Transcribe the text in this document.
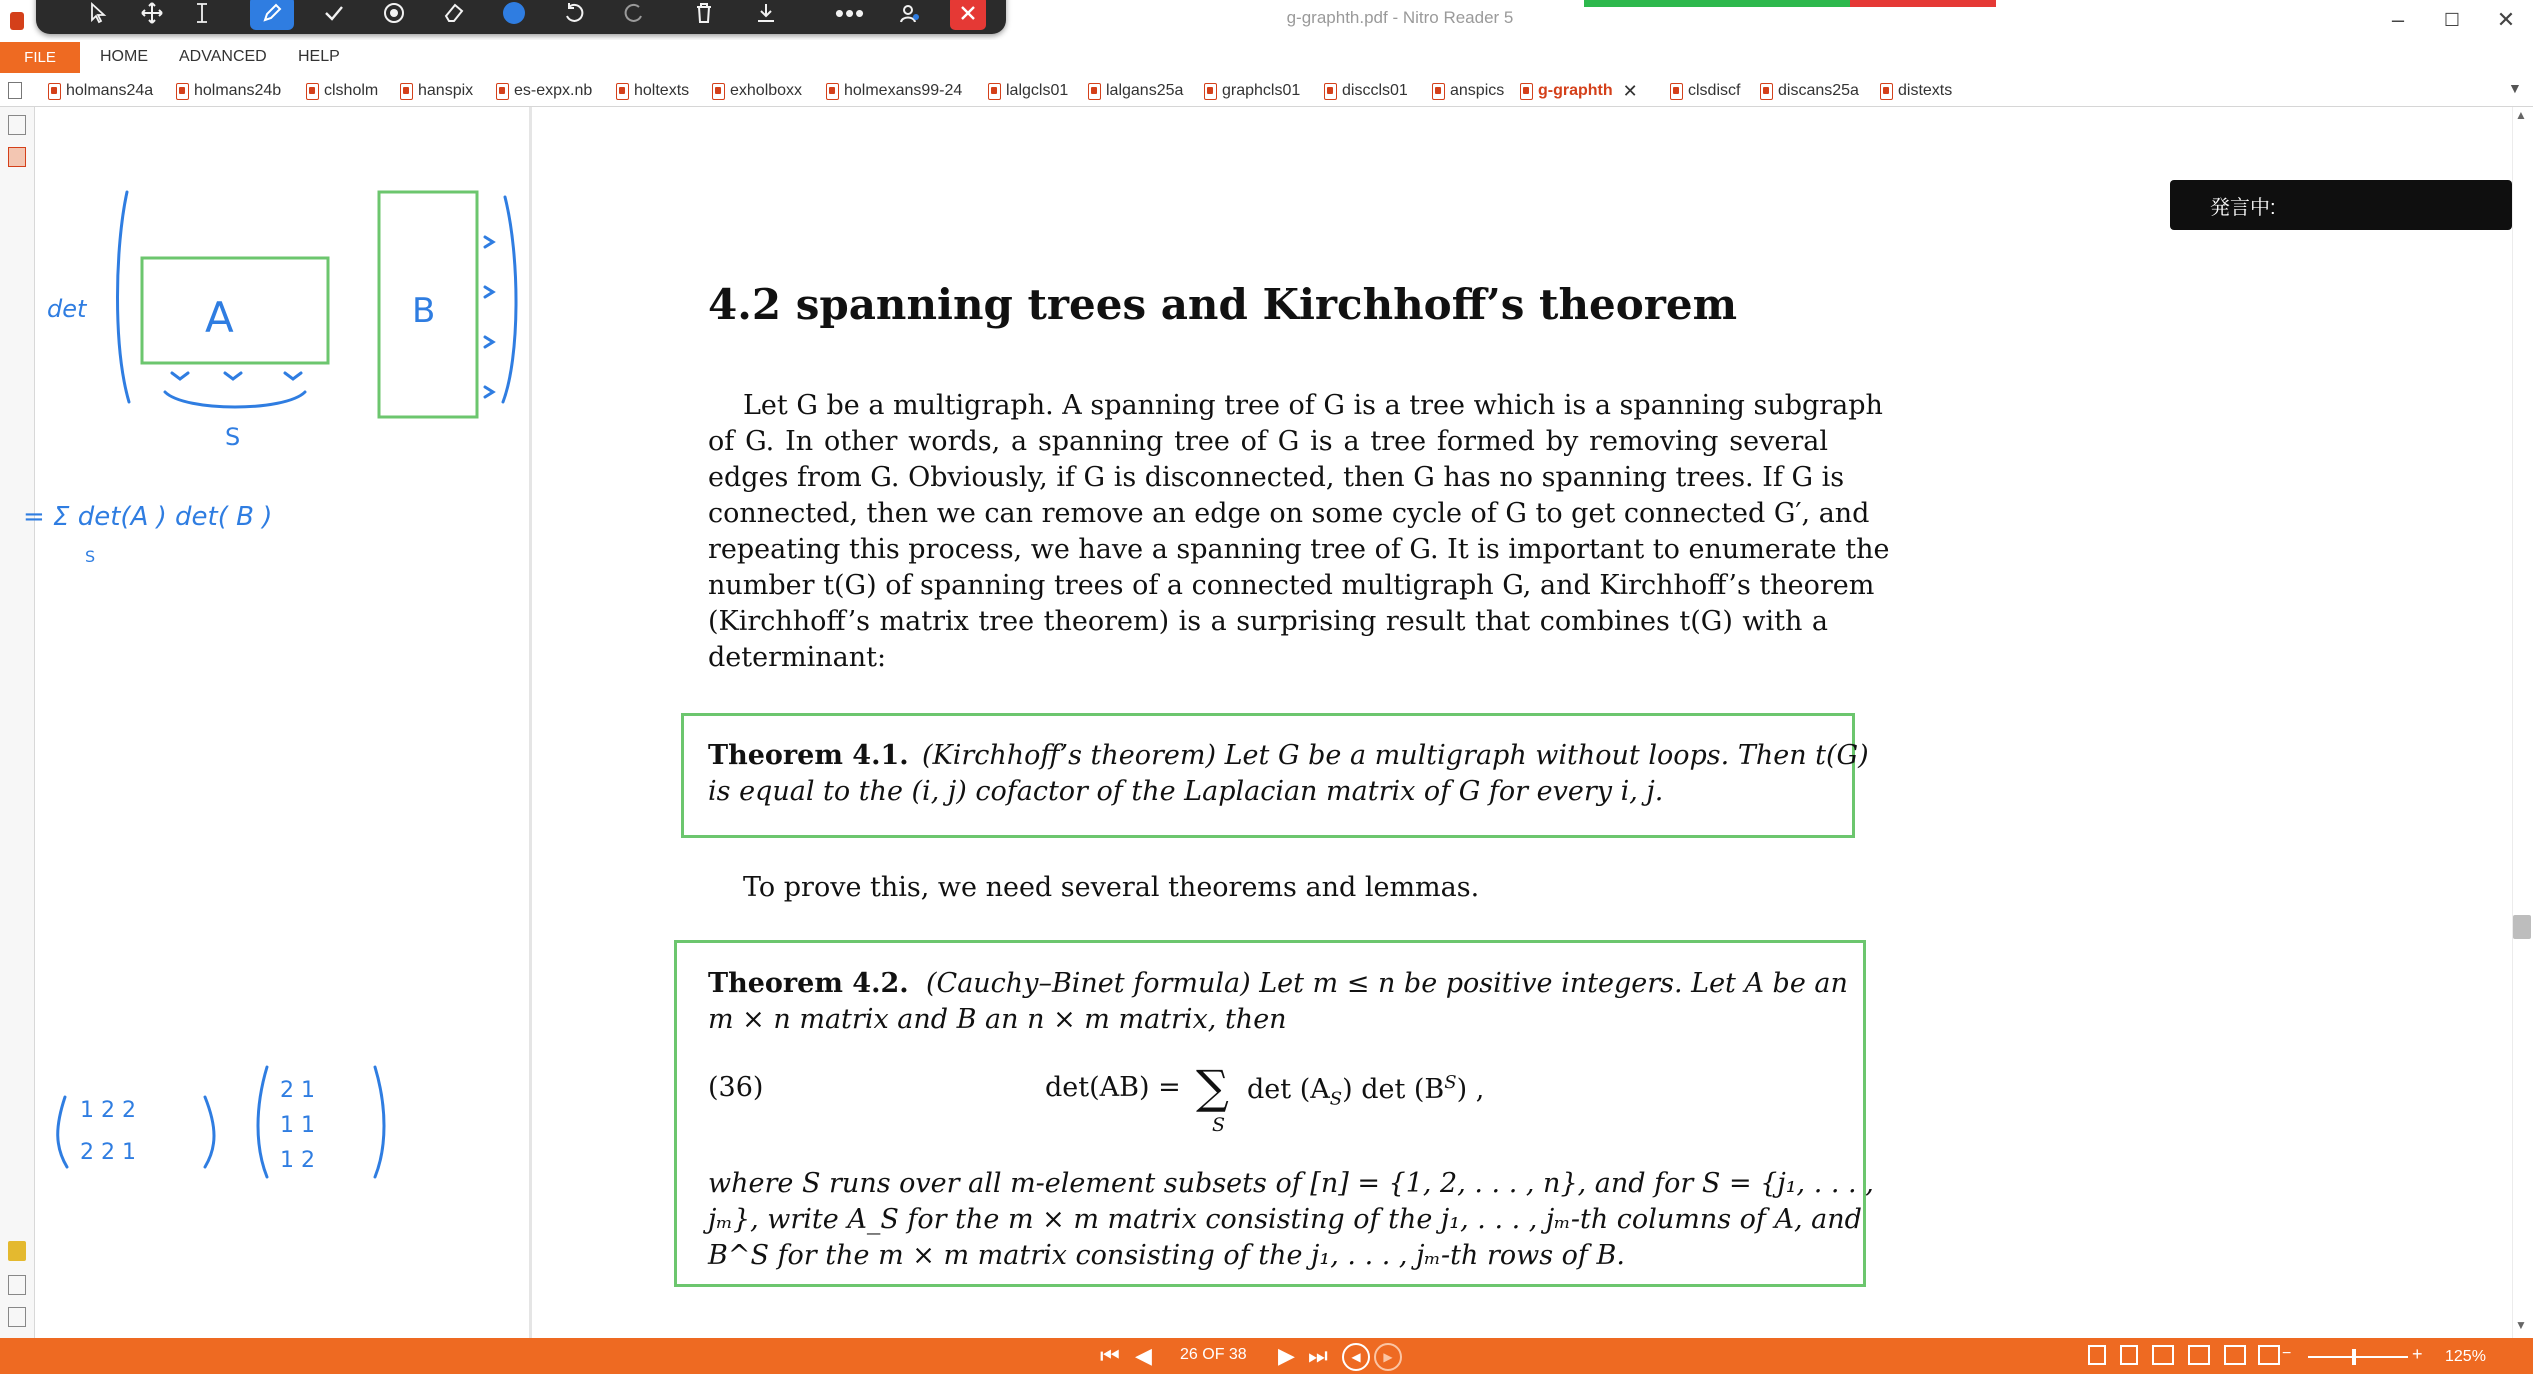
g-graphth.pdf - Nitro Reader 5	–	☐	✕
•••
FILE	HOME ADVANCED HELP
holmans24a	holmans24b	clsholm hanspix	es-expx.nb	holtexts	exholboxx	holmexans99-24	lalgcls01 lalgans25a graphcls01	disccls01	anspics g-graphth ✕	clsdiscf discans25a distexts	▼
det	A
S
B
= Σ det(A ) det( B )
S
1 2 2
2 2 1
2 1
1 1
1 2
4.2 spanning trees and Kirchhoff’s theorem
Let G be a multigraph. A spanning tree of G is a tree which is a spanning subgraph
of G. In other words, a spanning tree of G is a tree formed by removing several
edges from G. Obviously, if G is disconnected, then G has no spanning trees. If G is
connected, then we can remove an edge on some cycle of G to get connected G′, and
repeating this process, we have a spanning tree of G. It is important to enumerate the
number t(G) of spanning trees of a connected multigraph G, and Kirchhoff’s theorem
(Kirchhoff’s matrix tree theorem) is a surprising result that combines t(G) with a
determinant:
Theorem 4.1. (Kirchhoff’s theorem) Let G be a multigraph without loops. Then t(G)
is equal to the (i, j) cofactor of the Laplacian matrix of G for every i, j.
To prove this, we need several theorems and lemmas.
Theorem 4.2. (Cauchy–Binet formula) Let m ≤ n be positive integers. Let A be an
m × n matrix and B an n × m matrix, then
(36)	det(AB) = ∑
S
$\det (A_S)$ $\det (B^S)$ ,
where S runs over all m-element subsets of [n] = {1, 2, . . . , n}, and for S = {j₁, . . . ,
jₘ}, write A_S for the m × m matrix consisting of the j₁, . . . , jₘ-th columns of A, and
B^S for the m × m matrix consisting of the j₁, . . . , jₘ-th rows of B.
発言中:
▲
▼
⏮ ◀ 26 OF 38 ▶ ⏭	◀	▶	−	+ 125%
